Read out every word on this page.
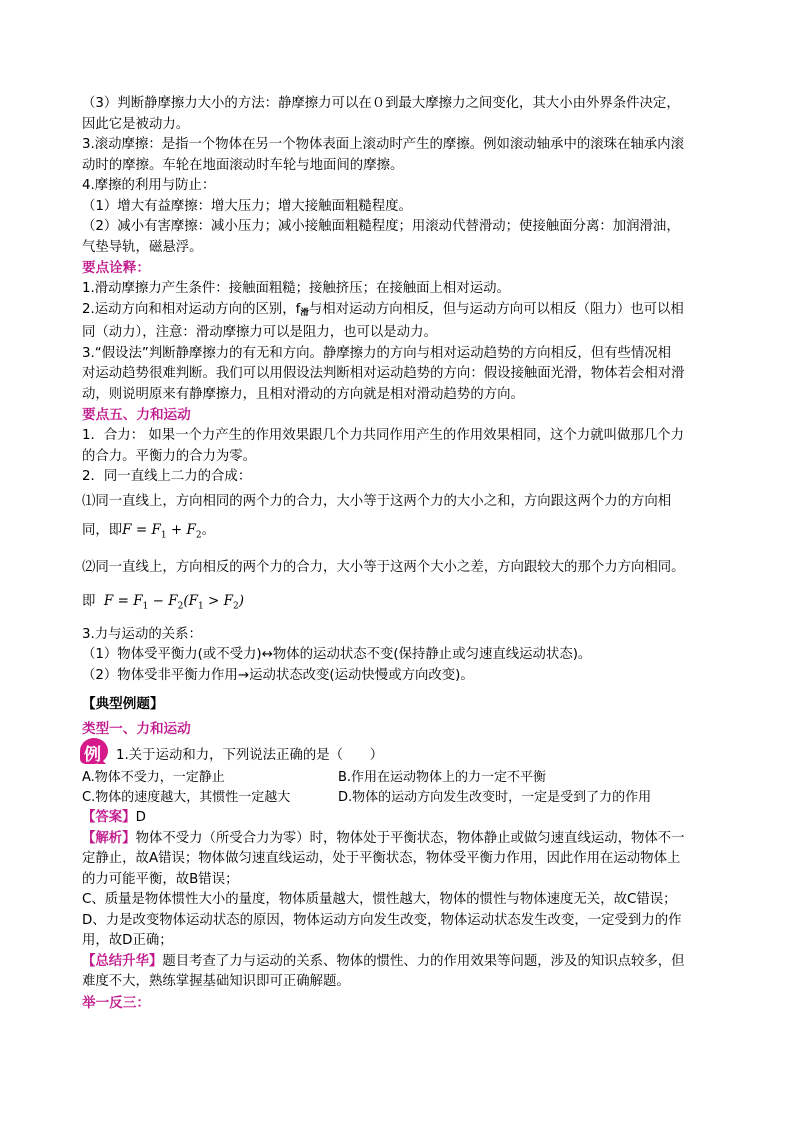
（3）判断静摩擦力大小的方法：静摩擦力可以在０到最大摩擦力之间变化，其大小由外界条件决定，
因此它是被动力。
3.滚动摩擦：是指一个物体在另一个物体表面上滚动时产生的摩擦。例如滚动轴承中的滚珠在轴承内滚
动时的摩擦。车轮在地面滚动时车轮与地面间的摩擦。
4.摩擦的利用与防止：
（1）增大有益摩擦：增大压力；增大接触面粗糙程度。
（2）减小有害摩擦：减小压力；减小接触面粗糙程度；用滚动代替滑动；使接触面分离：加润滑油，
气垫导轨，磁悬浮。
要点诠释：
1.滑动摩擦力产生条件：接触面粗糙；接触挤压；在接触面上相对运动。
2.运动方向和相对运动方向的区别，f滑与相对运动方向相反，但与运动方向可以相反（阻力）也可以相
同（动力），注意：滑动摩擦力可以是阻力，也可以是动力。
3.“假设法”判断静摩擦力的有无和方向。静摩擦力的方向与相对运动趋势的方向相反，但有些情况相
对运动趋势很难判断。我们可以用假设法判断相对运动趋势的方向：假设接触面光滑，物体若会相对滑
动，则说明原来有静摩擦力，且相对滑动的方向就是相对滑动趋势的方向。
要点五、力和运动
1．合力： 如果一个力产生的作用效果跟几个力共同作用产生的作用效果相同，这个力就叫做那几个力
的合力。平衡力的合力为零。
2．同一直线上二力的合成：
⑴同一直线上，方向相同的两个力的合力，大小等于这两个力的大小之和，方向跟这两个力的方向相
同，即$F = F_1 + F_2$。
⑵同一直线上，方向相反的两个力的合力，大小等于这两个大小之差，方向跟较大的那个力方向相同。
即 $F = F_1 - F_2(F_1 > F_2)$
3.力与运动的关系：
（1）物体受平衡力(或不受力)↔物体的运动状态不变(保持静止或匀速直线运动状态)。
（2）物体受非平衡力作用→运动状态改变(运动快慢或方向改变)。
【典型例题】
类型一、力和运动
例 1.关于运动和力，下列说法正确的是（　　）
A.物体不受力，一定静止	B.作用在运动物体上的力一定不平衡
C.物体的速度越大，其惯性一定越大	D.物体的运动方向发生改变时，一定是受到了力的作用
【答案】D
【解析】物体不受力（所受合力为零）时，物体处于平衡状态，物体静止或做匀速直线运动，物体不一
定静止，故A错误；物体做匀速直线运动，处于平衡状态，物体受平衡力作用，因此作用在运动物体上
的力可能平衡，故B错误；
C、质量是物体惯性大小的量度，物体质量越大，惯性越大，物体的惯性与物体速度无关，故C错误；
D、力是改变物体运动状态的原因，物体运动方向发生改变，物体运动状态发生改变，一定受到力的作
用，故D正确；
【总结升华】题目考查了力与运动的关系、物体的惯性、力的作用效果等问题，涉及的知识点较多，但
难度不大，熟练掌握基础知识即可正确解题。
举一反三：
